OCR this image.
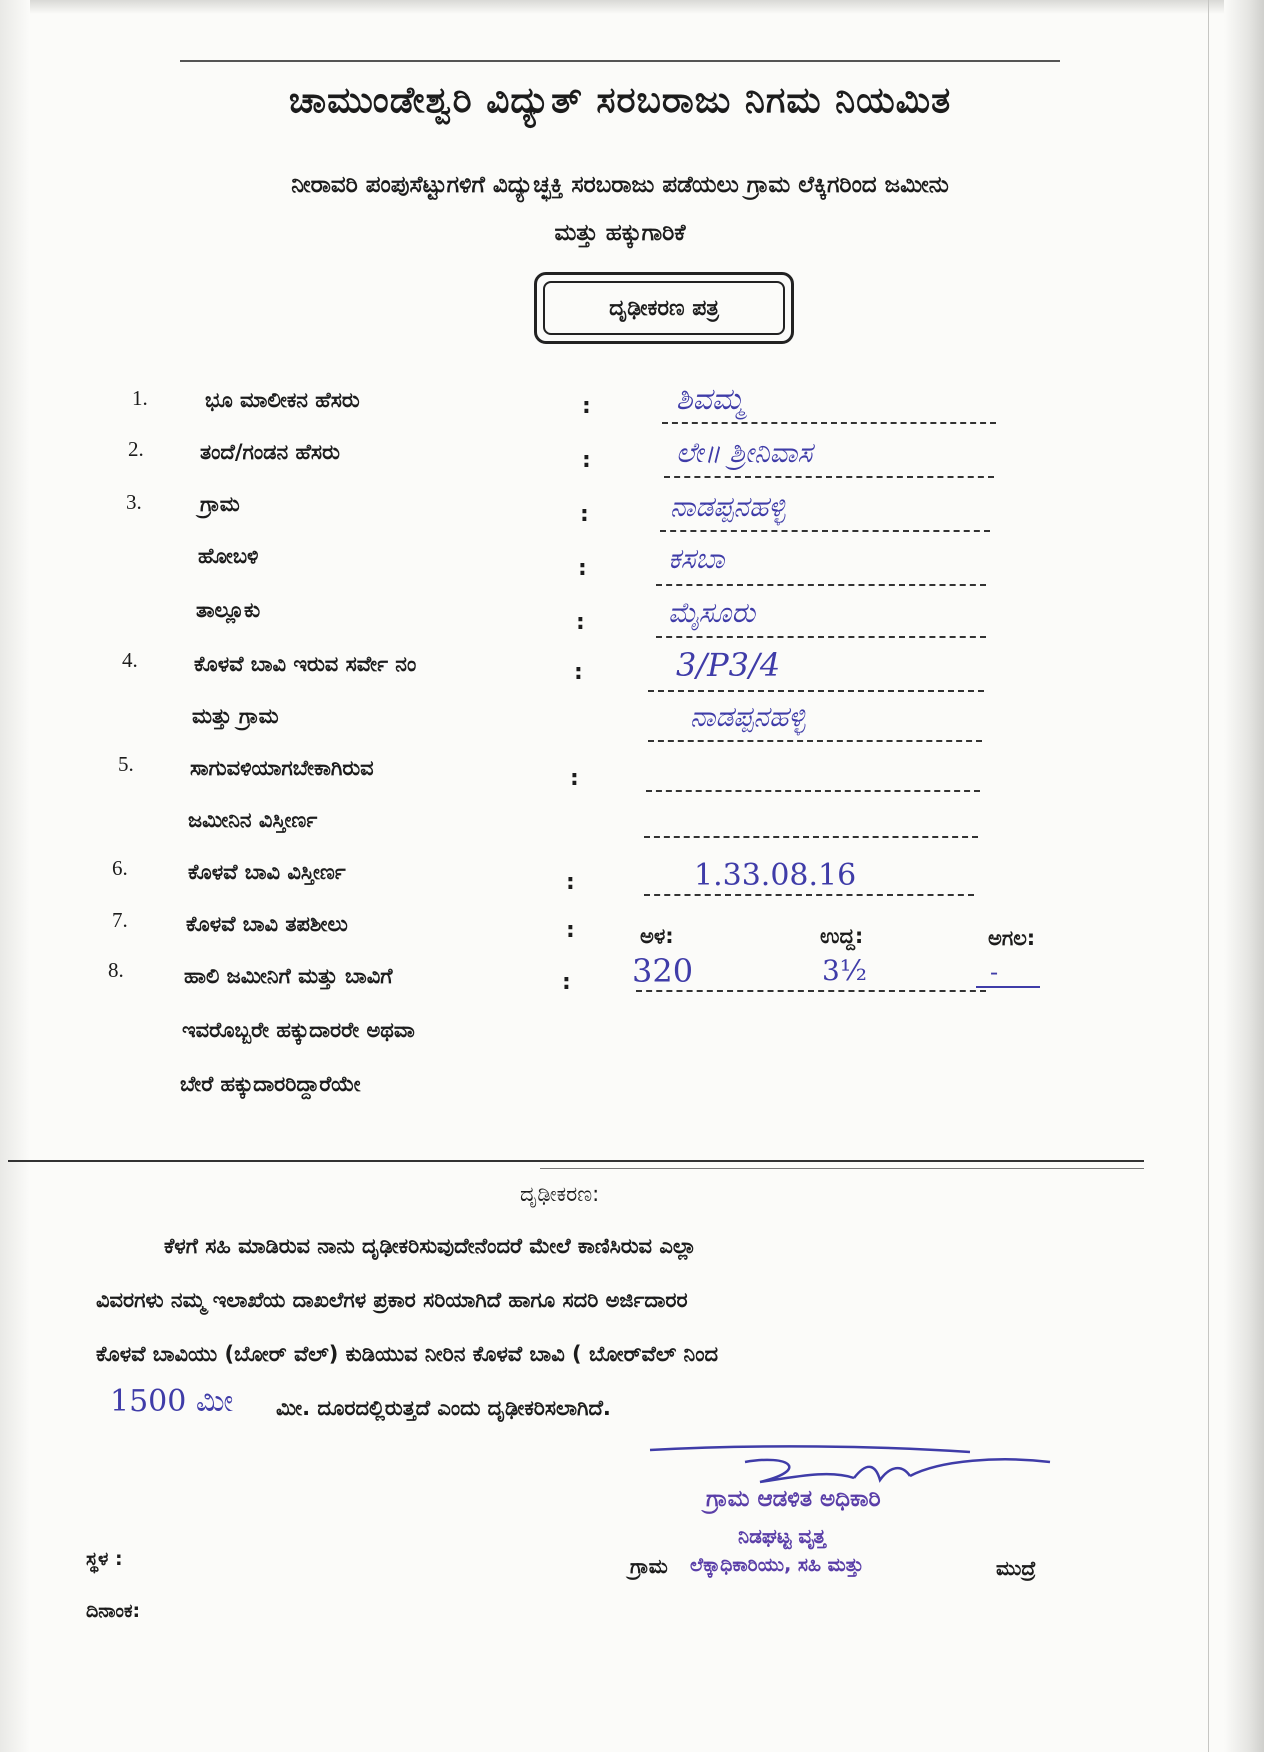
ಚಾಮುಂಡೇಶ್ವರಿ ವಿದ್ಯುತ್ ಸರಬರಾಜು ನಿಗಮ ನಿಯಮಿತ
ನೀರಾವರಿ ಪಂಪುಸೆಟ್ಟುಗಳಿಗೆ ವಿದ್ಯುಚ್ಛಕ್ತಿ ಸರಬರಾಜು ಪಡೆಯಲು ಗ್ರಾಮ ಲೆಕ್ಕಿಗರಿಂದ ಜಮೀನು
ಮತ್ತು ಹಕ್ಕುಗಾರಿಕೆ
ದೃಢೀಕರಣ ಪತ್ರ
1.	ಭೂ ಮಾಲೀಕನ ಹೆಸರು	:	ಶಿವಮ್ಮ
2.	ತಂದೆ/ಗಂಡನ ಹೆಸರು	:	ಲೇ॥ ಶ್ರೀನಿವಾಸ
3.	ಗ್ರಾಮ	:	ನಾಡಪ್ಪನಹಳ್ಳಿ
ಹೋಬಳಿ	:	ಕಸಬಾ
ತಾಲ್ಲೂಕು	:	ಮೈಸೂರು
4.	ಕೊಳವೆ ಬಾವಿ ಇರುವ ಸರ್ವೇ ನಂ	:	3/P3/4
ಮತ್ತು ಗ್ರಾಮ	ನಾಡಪ್ಪನಹಳ್ಳಿ
5.	ಸಾಗುವಳಿಯಾಗಬೇಕಾಗಿರುವ	:
ಜಮೀನಿನ ವಿಸ್ತೀರ್ಣ
6.	ಕೊಳವೆ ಬಾವಿ ವಿಸ್ತೀರ್ಣ	:	1.33.08.16
7.	ಕೊಳವೆ ಬಾವಿ ತಪಶೀಲು	:	ಅಳ:	ಉದ್ದ:	ಅಗಲ:
8.	ಹಾಲಿ ಜಮೀನಿಗೆ ಮತ್ತು ಬಾವಿಗೆ	: 320	3½	-
ಇವರೊಬ್ಬರೇ ಹಕ್ಕುದಾರರೇ ಅಥವಾ
ಬೇರೆ ಹಕ್ಕುದಾರರಿದ್ದಾರೆಯೇ
ದೃಢೀಕರಣ:
ಕೆಳಗೆ ಸಹಿ ಮಾಡಿರುವ ನಾನು ದೃಢೀಕರಿಸುವುದೇನೆಂದರೆ ಮೇಲೆ ಕಾಣಿಸಿರುವ ಎಲ್ಲಾ
ವಿವರಗಳು ನಮ್ಮ ಇಲಾಖೆಯ ದಾಖಲೆಗಳ ಪ್ರಕಾರ ಸರಿಯಾಗಿದೆ ಹಾಗೂ ಸದರಿ ಅರ್ಜಿದಾರರ
ಕೊಳವೆ ಬಾವಿಯು (ಬೋರ್ ವೆಲ್) ಕುಡಿಯುವ ನೀರಿನ ಕೊಳವೆ ಬಾವಿ ( ಬೋರ್‌ವೆಲ್ ನಿಂದ
1500 ಮೀ ಮೀ. ದೂರದಲ್ಲಿರುತ್ತದೆ ಎಂದು ದೃಢೀಕರಿಸಲಾಗಿದೆ.
ಗ್ರಾಮ ಆಡಳಿತ ಅಧಿಕಾರಿ
ನಿಡಘಟ್ಟ ವೃತ್ತ
ಗ್ರಾಮ ಲೆಕ್ಕಾಧಿಕಾರಿಯು, ಸಹಿ ಮತ್ತು	ಮುದ್ರೆ
ಸ್ಥಳ :
ದಿನಾಂಕ:
